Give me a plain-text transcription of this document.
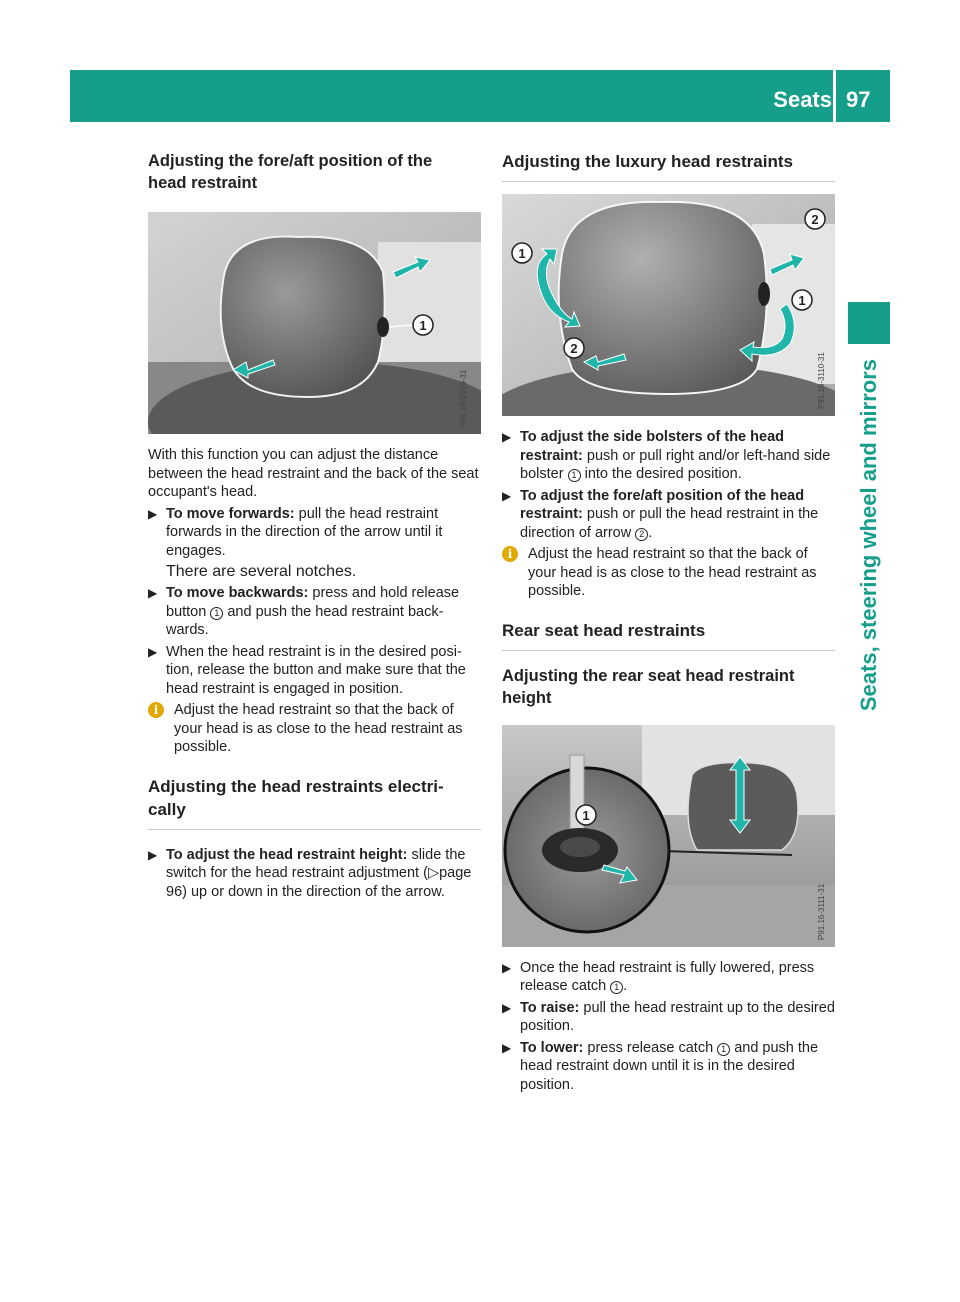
Seats 97
Seats, steering wheel and mirrors
Adjusting the fore/aft position of the
head restraint
1
P91.16-2109-31

With this function you can adjust the distance between the head restraint and the back of the seat occupant's head.

▶ To move forwards: pull the head restraint forwards in the direction of the arrow until it engages.
There are several notches.
▶ To move backwards: press and hold release button 1 and push the head restraint back-wards.
▶ When the head restraint is in the desired posi-tion, release the button and make sure that the head restraint is engaged in position.
i	Adjust the head restraint so that the back of your head is as close to the head restraint as possible.
Adjusting the head restraints electri-
cally
▶ To adjust the head restraint height: slide the switch for the head restraint adjustment (▷page 96) up or down in the direction of the arrow.
Adjusting the luxury head restraints
1
2
1
2
P91.16-3110-31
▶ To adjust the side bolsters of the head restraint: push or pull right and/or left-hand side bolster 1 into the desired position.
▶ To adjust the fore/aft position of the head restraint: push or pull the head restraint in the direction of arrow 2 .
i	Adjust the head restraint so that the back of your head is as close to the head restraint as possible.
Rear seat head restraints
Adjusting the rear seat head restraint
height
1
P91.16-3111-31
▶ Once the head restraint is fully lowered, press release catch 1 .
▶ To raise: pull the head restraint up to the desired position.
▶ To lower: press release catch 1 and push the head restraint down until it is in the desired position.
